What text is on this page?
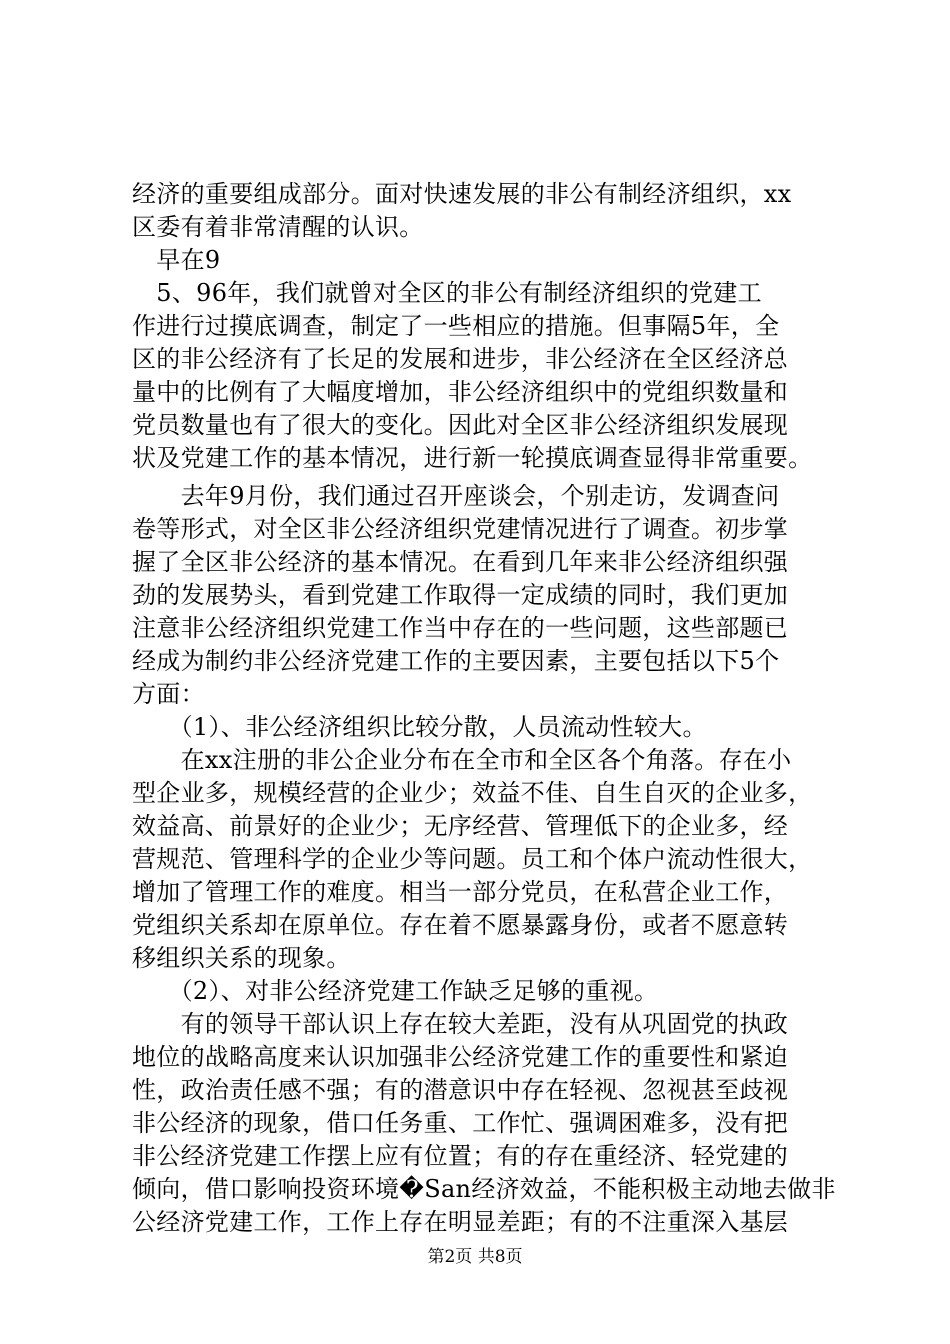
经济的重要组成部分。面对快速发展的非公有制经济组织，xx
区委有着非常清醒的认识。
　早在9
　5、96年，我们就曾对全区的非公有制经济组织的党建工
作进行过摸底调查，制定了一些相应的措施。但事隔5年，全
区的非公经济有了长足的发展和进步，非公经济在全区经济总
量中的比例有了大幅度增加，非公经济组织中的党组织数量和
党员数量也有了很大的变化。因此对全区非公经济组织发展现
状及党建工作的基本情况，进行新一轮摸底调查显得非常重要。
　　去年9月份，我们通过召开座谈会，个别走访，发调查问
卷等形式，对全区非公经济组织党建情况进行了调查。初步掌
握了全区非公经济的基本情况。在看到几年来非公经济组织强
劲的发展势头，看到党建工作取得一定成绩的同时，我们更加
注意非公经济组织党建工作当中存在的一些问题，这些部题已
经成为制约非公经济党建工作的主要因素，主要包括以下5个
方面：
　　（1）、非公经济组织比较分散，人员流动性较大。
　　在xx注册的非公企业分布在全市和全区各个角落。存在小
型企业多，规模经营的企业少；效益不佳、自生自灭的企业多，
效益高、前景好的企业少；无序经营、管理低下的企业多，经
营规范、管理科学的企业少等问题。员工和个体户流动性很大，
增加了管理工作的难度。相当一部分党员，在私营企业工作，
党组织关系却在原单位。存在着不愿暴露身份，或者不愿意转
移组织关系的现象。
　　（2）、对非公经济党建工作缺乏足够的重视。
　　有的领导干部认识上存在较大差距，没有从巩固党的执政
地位的战略高度来认识加强非公经济党建工作的重要性和紧迫
性，政治责任感不强；有的潜意识中存在轻视、忽视甚至歧视
非公经济的现象，借口任务重、工作忙、强调困难多，没有把
非公经济党建工作摆上应有位置；有的存在重经济、轻党建的
倾向，借口影响投资环境�San经济效益，不能积极主动地去做非
公经济党建工作，工作上存在明显差距；有的不注重深入基层
第2页 共8页
